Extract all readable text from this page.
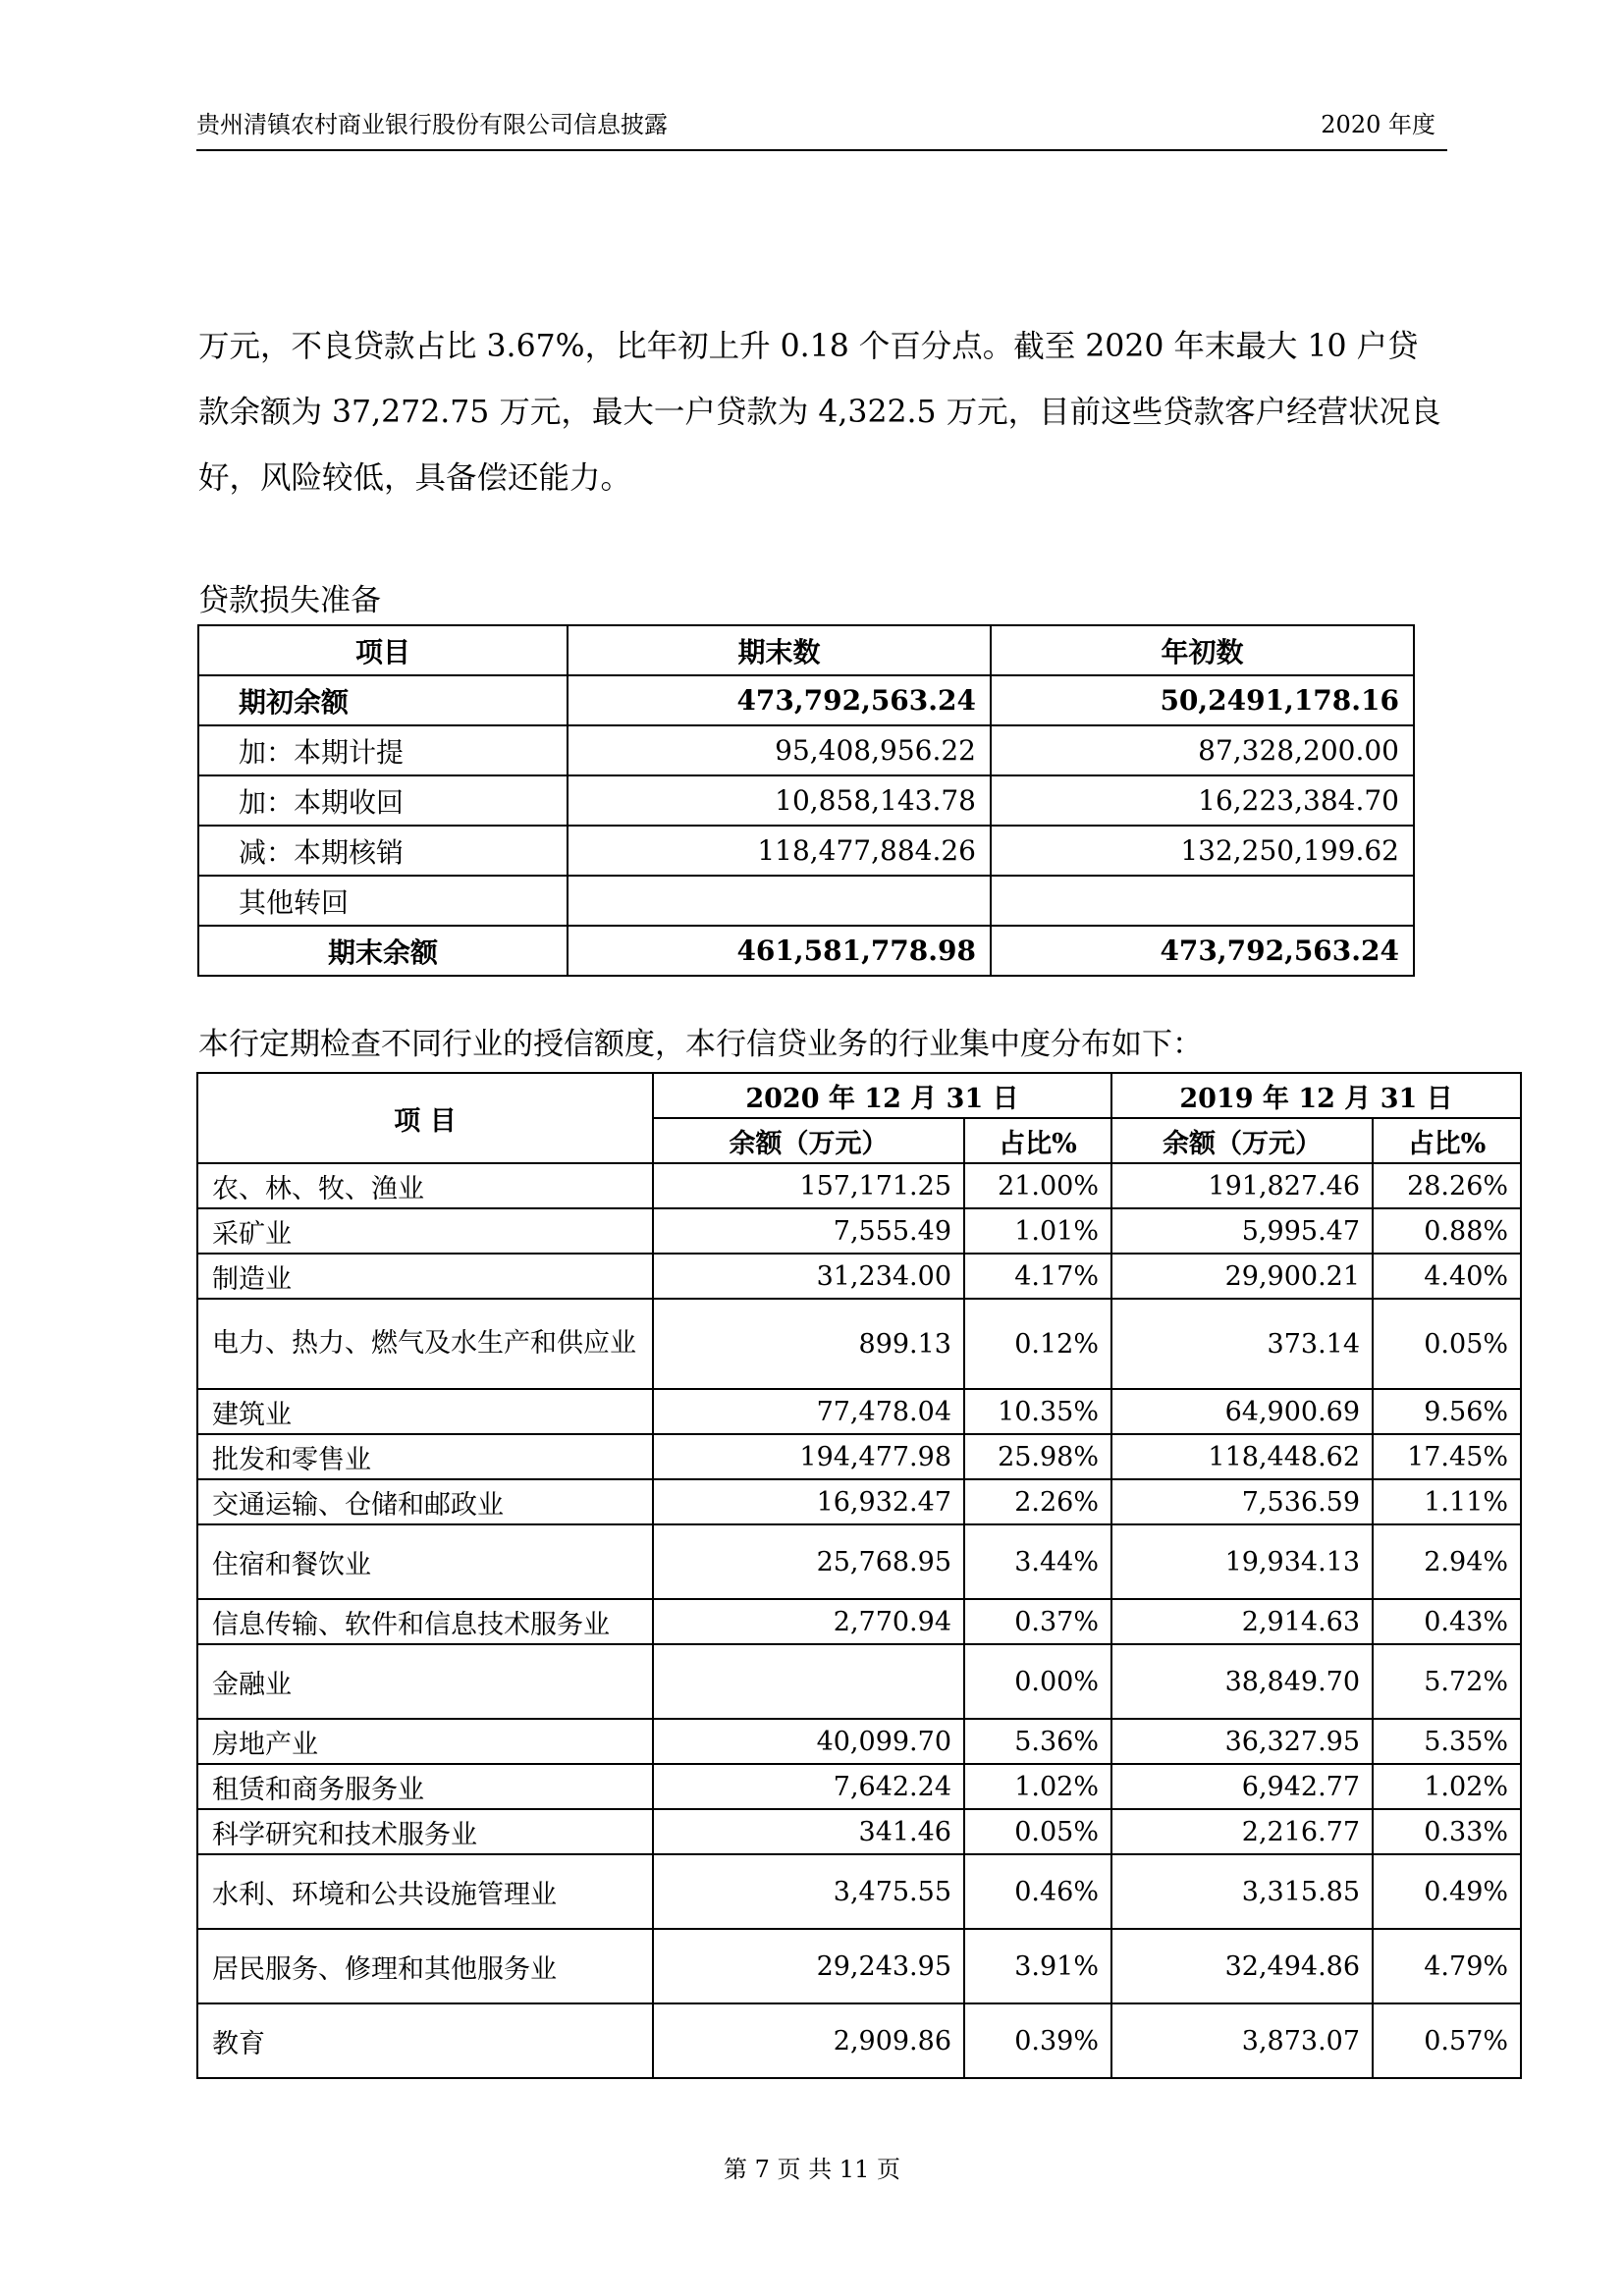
贵州清镇农村商业银行股份有限公司信息披露	2020 年度

万元，不良贷款占比 3.67%，比年初上升 0.18 个百分点。截至 2020 年末最大 10 户贷款余额为 37,272.75 万元，最大一户贷款为 4,322.5 万元，目前这些贷款客户经营状况良好，风险较低，具备偿还能力。

贷款损失准备
项目	期末数	年初数
期初余额	473,792,563.24	50,2491,178.16
加：本期计提	95,408,956.22	87,328,200.00
加：本期收回	10,858,143.78	16,223,384.70
减：本期核销	118,477,884.26	132,250,199.62
其他转回		
期末余额	461,581,778.98	473,792,563.24
本行定期检查不同行业的授信额度，本行信贷业务的行业集中度分布如下：
项 目	2020 年 12 月 31 日		2019 年 12 月 31 日	
	余额（万元）	占比%	余额（万元）	占比%
农、林、牧、渔业	157,171.25	21.00%	191,827.46	28.26%
采矿业	7,555.49	1.01%	5,995.47	0.88%
制造业	31,234.00	4.17%	29,900.21	4.40%
电力、热力、燃气及水生产和供应业	899.13	0.12%	373.14	0.05%
建筑业	77,478.04	10.35%	64,900.69	9.56%
批发和零售业	194,477.98	25.98%	118,448.62	17.45%
交通运输、仓储和邮政业	16,932.47	2.26%	7,536.59	1.11%
住宿和餐饮业	25,768.95	3.44%	19,934.13	2.94%
信息传输、软件和信息技术服务业	2,770.94	0.37%	2,914.63	0.43%
金融业		0.00%	38,849.70	5.72%
房地产业	40,099.70	5.36%	36,327.95	5.35%
租赁和商务服务业	7,642.24	1.02%	6,942.77	1.02%
科学研究和技术服务业	341.46	0.05%	2,216.77	0.33%
水利、环境和公共设施管理业	3,475.55	0.46%	3,315.85	0.49%
居民服务、修理和其他服务业	29,243.95	3.91%	32,494.86	4.79%
教育	2,909.86	0.39%	3,873.07	0.57%
第 7 页 共 11 页
